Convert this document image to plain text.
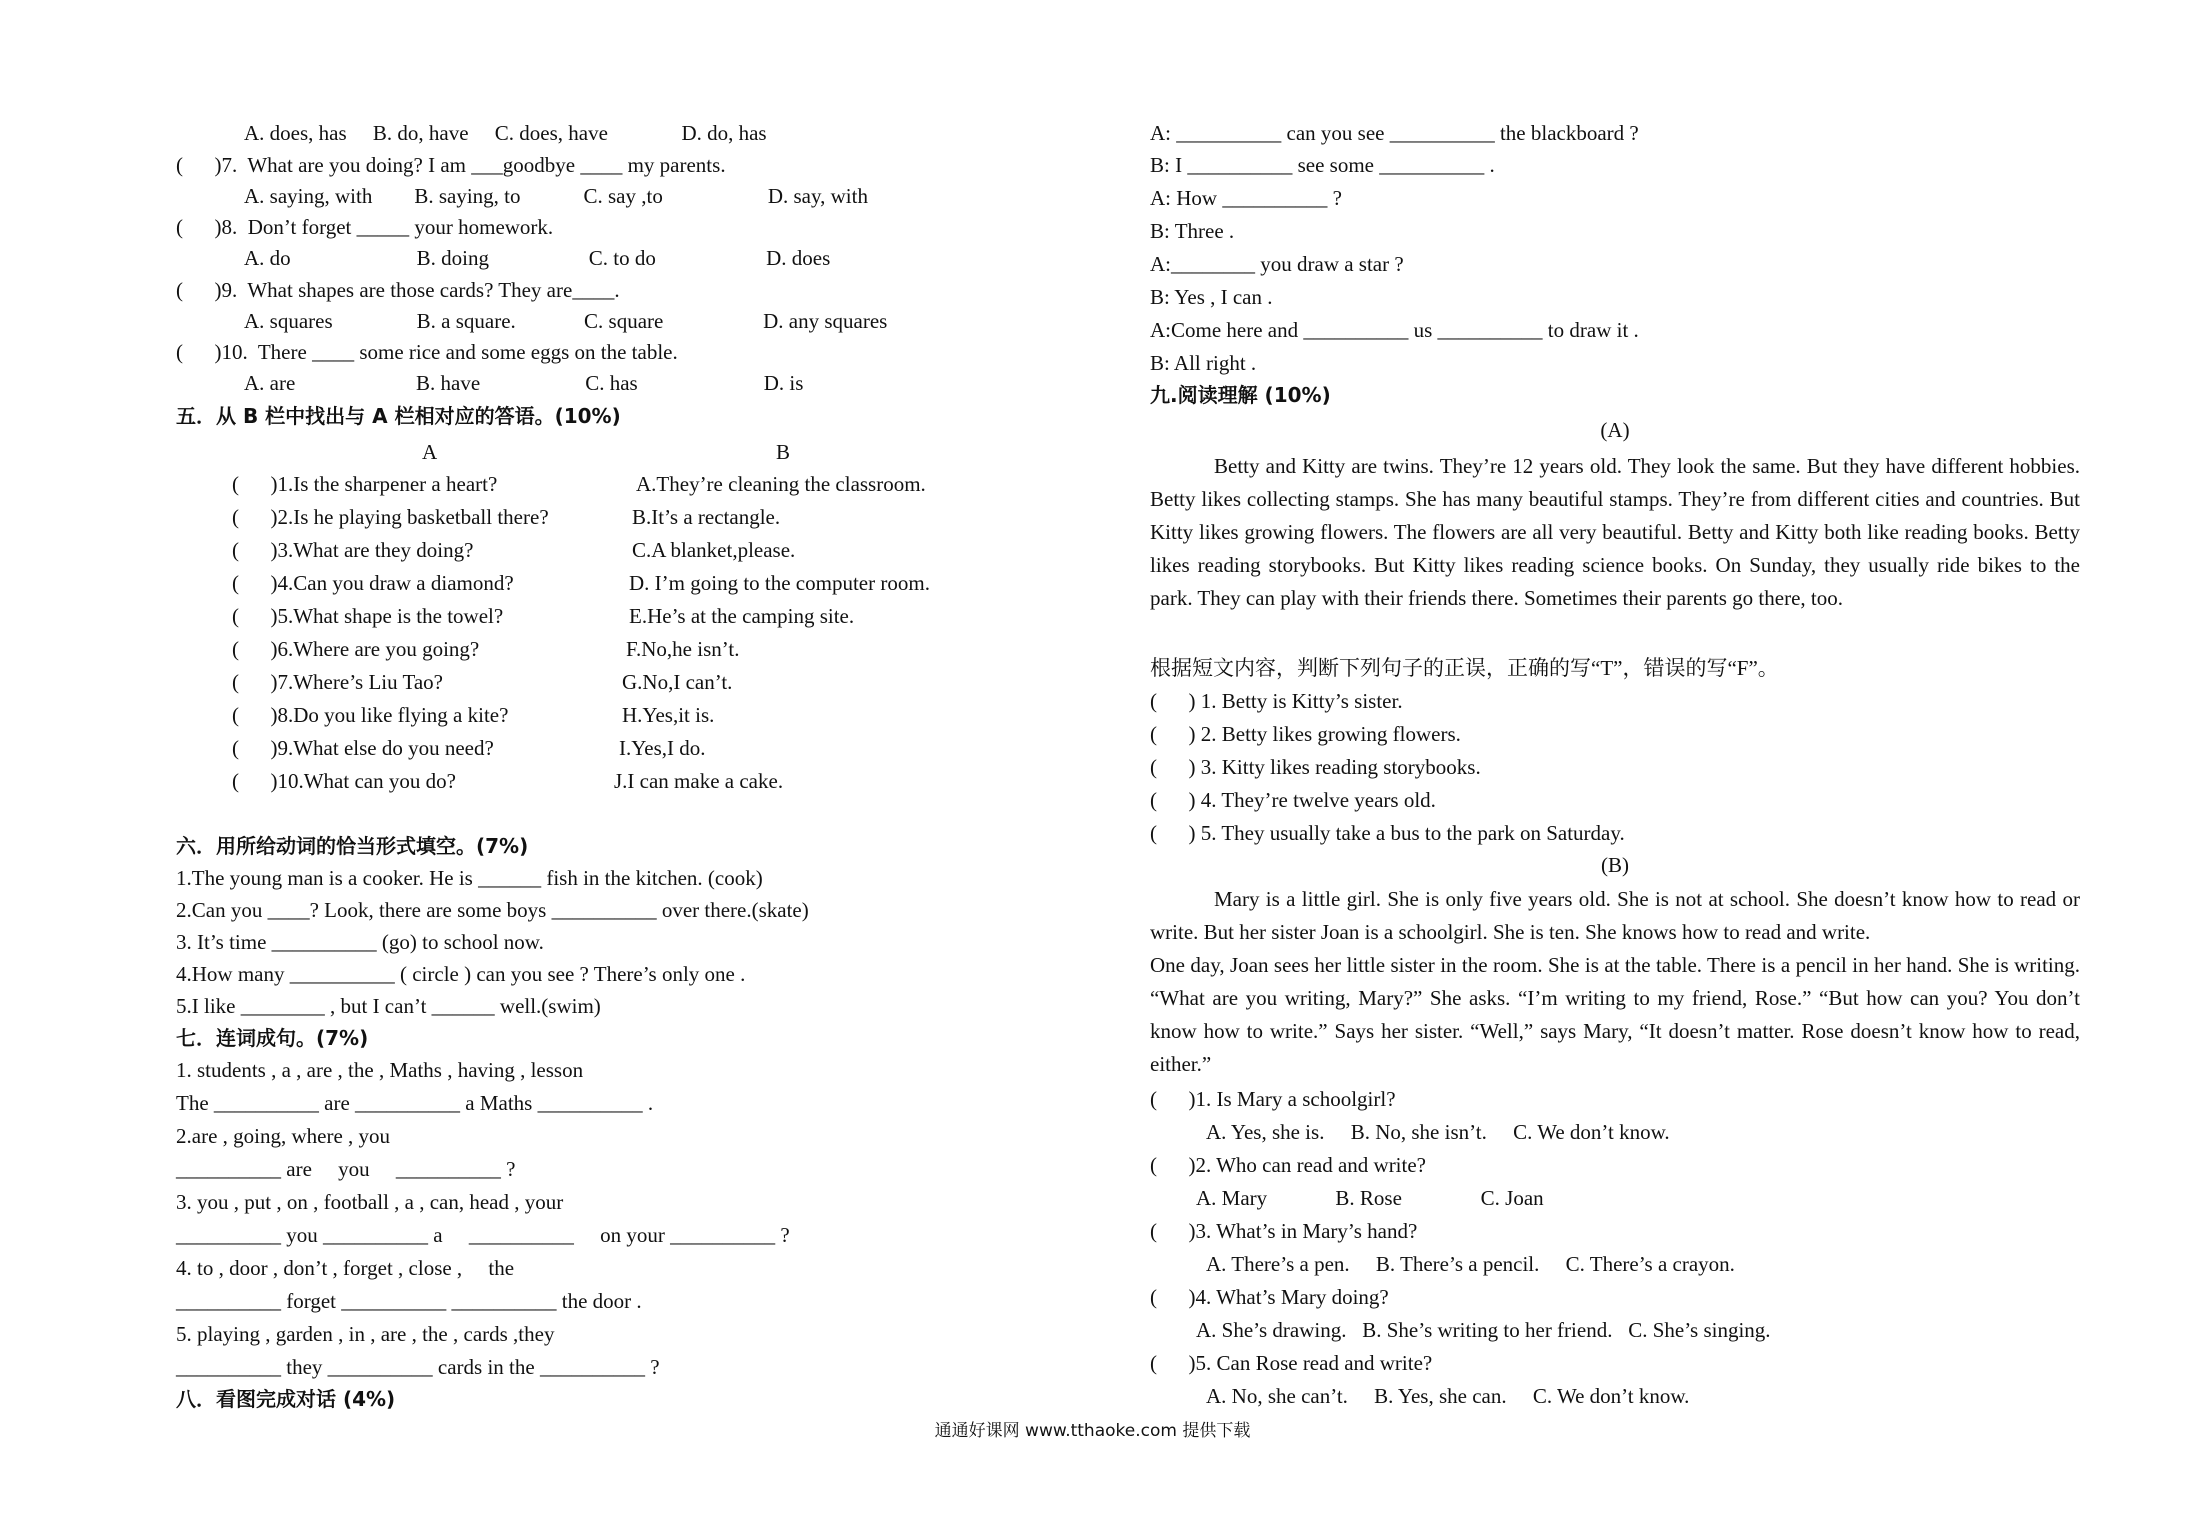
A. does, has     B. do, have     C. does, have              D. do, has
(      )7.  What are you doing? I am ___goodbye ____ my parents.
A. saying, with        B. saying, to            C. say ,to                    D. say, with
(      )8.  Don’t forget _____ your homework.
A. do                        B. doing                   C. to do                     D. does
(      )9.  What shapes are those cards? They are____.
A. squares                B. a square.             C. square                   D. any squares
(      )10.  There ____ some rice and some eggs on the table.
A. are                       B. have                    C. has                        D. is
五．从 B 栏中找出与 A 栏相对应的答语。(10%)
A	B
(      )1.Is the sharpener a heart?	A.They’re cleaning the classroom.
(      )2.Is he playing basketball there?	B.It’s a rectangle.
(      )3.What are they doing?	C.A blanket,please.
(      )4.Can you draw a diamond?	D. I’m going to the computer room.
(      )5.What shape is the towel?	E.He’s at the camping site.
(      )6.Where are you going?	F.No,he isn’t.
(      )7.Where’s Liu Tao?	G.No,I can’t.
(      )8.Do you like flying a kite?	H.Yes,it is.
(      )9.What else do you need?	I.Yes,I do.
(      )10.What can you do?	J.I can make a cake.
六．用所给动词的恰当形式填空。(7%)
1.The young man is a cooker. He is ______ fish in the kitchen. (cook)
2.Can you ____? Look, there are some boys __________ over there.(skate)
3. It’s time __________ (go) to school now.
4.How many __________ ( circle ) can you see ? There’s only one .
5.I like ________ , but I can’t ______ well.(swim)
七．连词成句。(7%)
1. students , a , are , the , Maths , having , lesson
The __________ are __________ a Maths __________ .
2.are , going, where , you
__________ are     you     __________ ?
3. you , put , on , football , a , can, head , your
__________ you __________ a     __________     on your __________ ?
4. to , door , don’t , forget , close ,     the
__________ forget __________ __________ the door .
5. playing , garden , in , are , the , cards ,they
__________ they __________ cards in the __________ ?
八．看图完成对话 (4%)
A: __________ can you see __________ the blackboard ?
B: I __________ see some __________ .
A: How __________ ?
B: Three .
A:________ you draw a star ?
B: Yes , I can .
A:Come here and __________ us __________ to draw it .
B: All right .
九.阅读理解 (10%)
(A)
Betty and Kitty are twins. They’re 12 years old. They look the same. But they have different hobbies. Betty likes collecting stamps. She has many beautiful stamps. They’re from different cities and countries. But Kitty likes growing flowers. The flowers are all very beautiful. Betty and Kitty both like reading books. Betty likes reading storybooks. But Kitty likes reading science books. On Sunday, they usually ride bikes to the park. They can play with their friends there. Sometimes their parents go there, too.
根据短文内容，判断下列句子的正误，正确的写“T”，错误的写“F”。
(      ) 1. Betty is Kitty’s sister.
(      ) 2. Betty likes growing flowers.
(      ) 3. Kitty likes reading storybooks.
(      ) 4. They’re twelve years old.
(      ) 5. They usually take a bus to the park on Saturday.
(B)
Mary is a little girl. She is only five years old. She is not at school. She doesn’t know how to read or write. But her sister Joan is a schoolgirl. She is ten. She knows how to read and write.
One day, Joan sees her little sister in the room. She is at the table. There is a pencil in her hand. She is writing. “What are you writing, Mary?” She asks. “I’m writing to my friend, Rose.” “But how can you? You don’t know how to write.” Says her sister. “Well,” says Mary, “It doesn’t matter. Rose doesn’t know how to read, either.”
(      )1. Is Mary a schoolgirl?
A. Yes, she is.     B. No, she isn’t.     C. We don’t know.
(      )2. Who can read and write?
A. Mary             B. Rose               C. Joan
(      )3. What’s in Mary’s hand?
A. There’s a pen.     B. There’s a pencil.     C. There’s a crayon.
(      )4. What’s Mary doing?
A. She’s drawing.   B. She’s writing to her friend.   C. She’s singing.
(      )5. Can Rose read and write?
A. No, she can’t.     B. Yes, she can.     C. We don’t know.
通通好课网 www.tthaoke.com 提供下载
